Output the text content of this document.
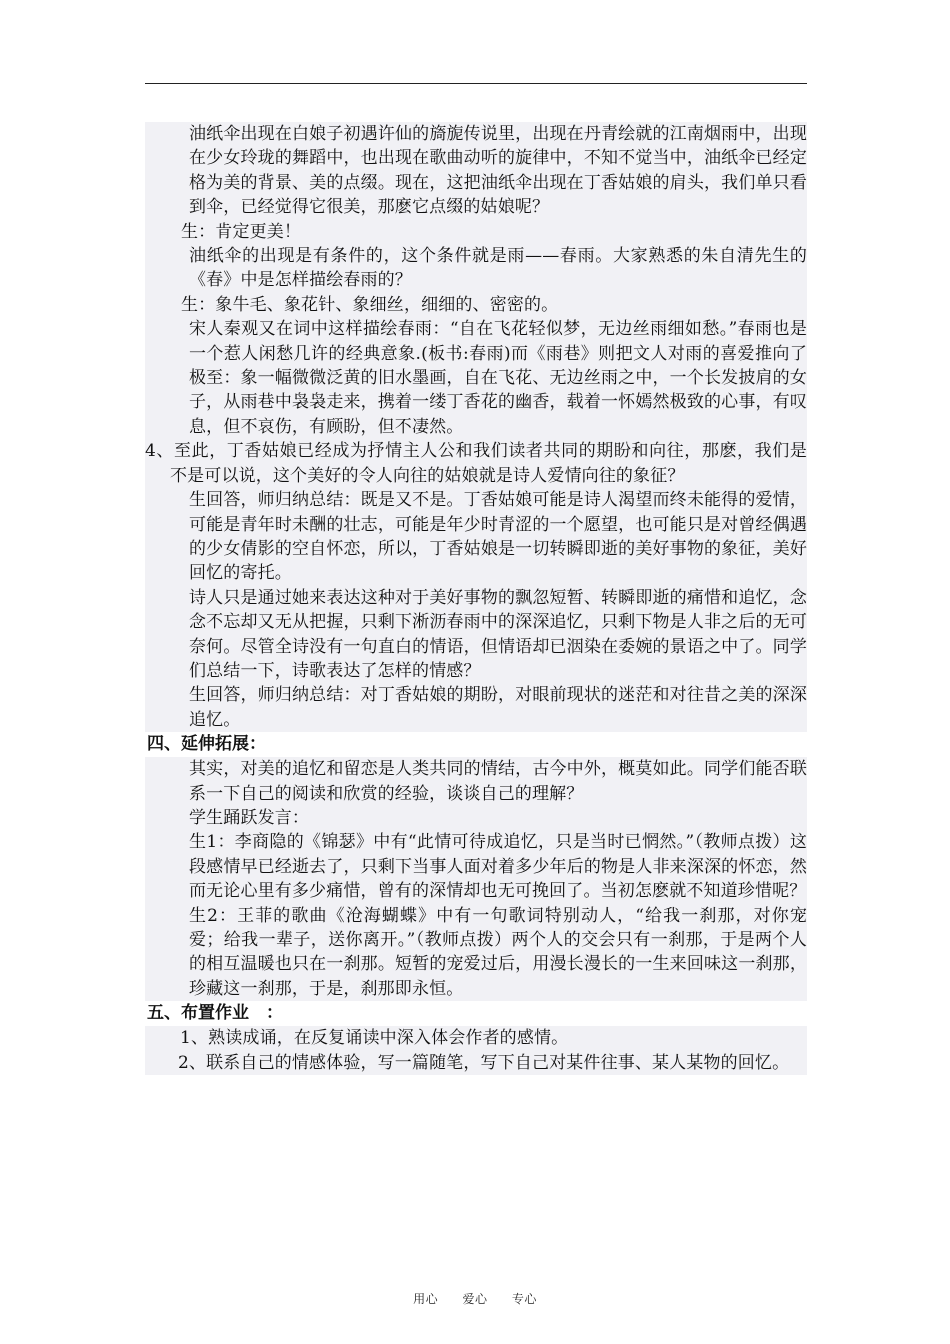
油纸伞出现在白娘子初遇许仙的旖旎传说里，出现在丹青绘就的江南烟雨中，出现在少女玲珑的舞蹈中，也出现在歌曲动听的旋律中，不知不觉当中，油纸伞已经定格为美的背景、美的点缀。现在，这把油纸伞出现在丁香姑娘的肩头，我们单只看到伞，已经觉得它很美，那麽它点缀的姑娘呢？

生：肯定更美！

油纸伞的出现是有条件的，这个条件就是雨——春雨。大家熟悉的朱自清先生的《春》中是怎样描绘春雨的？

生：象牛毛、象花针、象细丝，细细的、密密的。

宋人秦观又在词中这样描绘春雨：“自在飞花轻似梦，无边丝雨细如愁。”春雨也是一个惹人闲愁几许的经典意象.(板书:春雨)而《雨巷》则把文人对雨的喜爱推向了极至：象一幅微微泛黄的旧水墨画，自在飞花、无边丝雨之中，一个长发披肩的女子，从雨巷中袅袅走来，携着一缕丁香花的幽香，载着一怀嫣然极致的心事，有叹息，但不哀伤，有顾盼，但不凄然。

4、至此，丁香姑娘已经成为抒情主人公和我们读者共同的期盼和向往，那麽，我们是不是可以说，这个美好的令人向往的姑娘就是诗人爱情向往的象征？

生回答，师归纳总结：既是又不是。丁香姑娘可能是诗人渴望而终未能得的爱情，可能是青年时未酬的壮志，可能是年少时青涩的一个愿望，也可能只是对曾经偶遇的少女倩影的空自怀恋，所以，丁香姑娘是一切转瞬即逝的美好事物的象征，美好回忆的寄托。

诗人只是通过她来表达这种对于美好事物的飘忽短暂、转瞬即逝的痛惜和追忆，念念不忘却又无从把握，只剩下淅沥春雨中的深深追忆，只剩下物是人非之后的无可奈何。尽管全诗没有一句直白的情语，但情语却已洇染在委婉的景语之中了。同学们总结一下，诗歌表达了怎样的情感？

生回答，师归纳总结：对丁香姑娘的期盼，对眼前现状的迷茫和对往昔之美的深深追忆。

四、延伸拓展：

其实，对美的追忆和留恋是人类共同的情结，古今中外，概莫如此。同学们能否联系一下自己的阅读和欣赏的经验，谈谈自己的理解？

学生踊跃发言：

生1：李商隐的《锦瑟》中有“此情可待成追忆，只是当时已惘然。”（教师点拨）这段感情早已经逝去了，只剩下当事人面对着多少年后的物是人非来深深的怀恋，然而无论心里有多少痛惜，曾有的深情却也无可挽回了。当初怎麽就不知道珍惜呢？

生2：王菲的歌曲《沧海蝴蝶》中有一句歌词特别动人，“给我一刹那，对你宠爱；给我一辈子，送你离开。”（教师点拨）两个人的交会只有一刹那，于是两个人的相互温暖也只在一刹那。短暂的宠爱过后，用漫长漫长的一生来回味这一刹那，珍藏这一刹那，于是，刹那即永恒。

五、布置作业　：

1、熟读成诵，在反复诵读中深入体会作者的感情。

2、联系自己的情感体验，写一篇随笔，写下自己对某件往事、某人某物的回忆。

用心 爱心 专心
